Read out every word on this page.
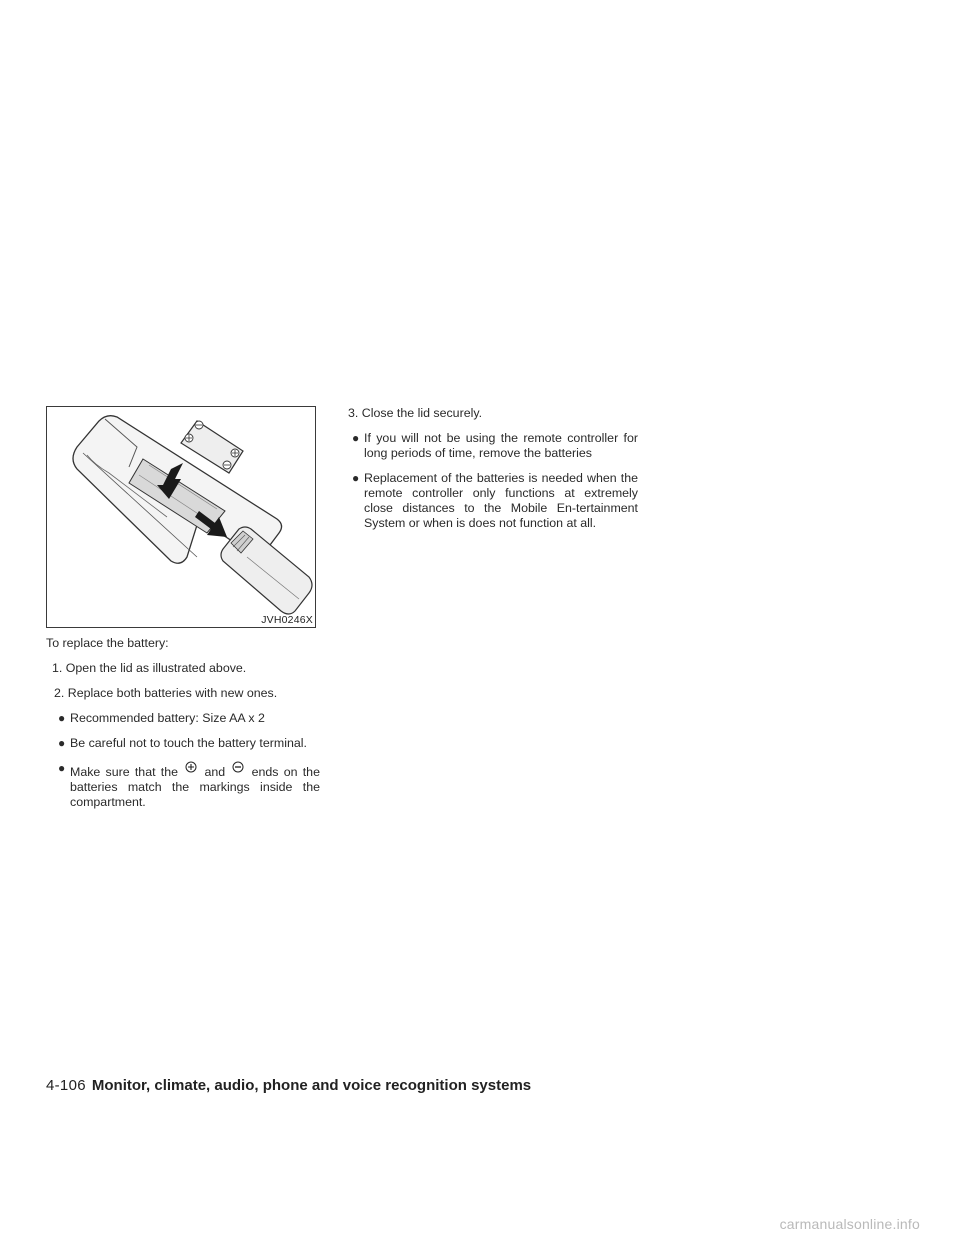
JVH0246X

To replace the battery:

1. Open the lid as illustrated above.

2. Replace both batteries with new ones.

● Recommended battery: Size AA x 2
● Be careful not to touch the battery terminal.
● Make sure that the and ends on the batteries match the markings inside the compartment.

3. Close the lid securely.

● If you will not be using the remote controller for long periods of time, remove the batteries
● Replacement of the batteries is needed when the remote controller only functions at extremely close distances to the Mobile En-tertainment System or when is does not function at all.
4-106 Monitor, climate, audio, phone and voice recognition systems
carmanualsonline.info
